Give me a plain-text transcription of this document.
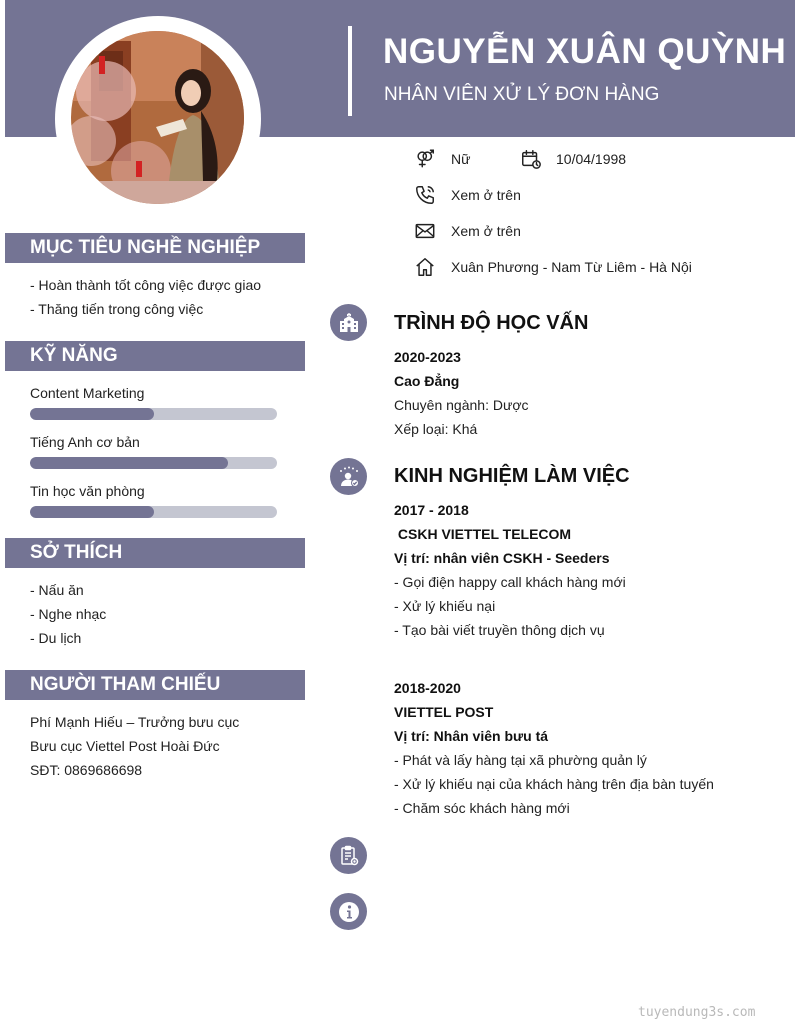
NGUYỄN XUÂN QUỲNH
NHÂN VIÊN XỬ LÝ ĐƠN HÀNG
Nữ	10/04/1998
Xem ở trên
Xem ở trên
Xuân Phương - Nam Từ Liêm - Hà Nội
MỤC TIÊU NGHỀ NGHIỆP
- Hoàn thành tốt công việc được giao
- Thăng tiến trong công việc
KỸ NĂNG
Content Marketing
Tiếng Anh cơ bản
Tin học văn phòng
SỞ THÍCH
- Nấu ăn
- Nghe nhạc
- Du lịch
NGƯỜI THAM CHIẾU
Phí Mạnh Hiếu – Trưởng bưu cục
Bưu cục Viettel Post Hoài Đức
SĐT: 0869686698
TRÌNH ĐỘ HỌC VẤN
2020-2023
Cao Đẳng
Chuyên ngành: Dược
Xếp loại: Khá
KINH NGHIỆM LÀM VIỆC
2017 - 2018
CSKH VIETTEL TELECOM
Vị trí: nhân viên CSKH - Seeders
- Gọi điện happy call khách hàng mới
- Xử lý khiếu nại
- Tạo bài viết truyền thông dịch vụ
2018-2020
VIETTEL POST
Vị trí: Nhân viên bưu tá
- Phát và lấy hàng tại xã phường quản lý
- Xử lý khiếu nại của khách hàng trên địa bàn tuyến
- Chăm sóc khách hàng mới
tuyendung3s.com
